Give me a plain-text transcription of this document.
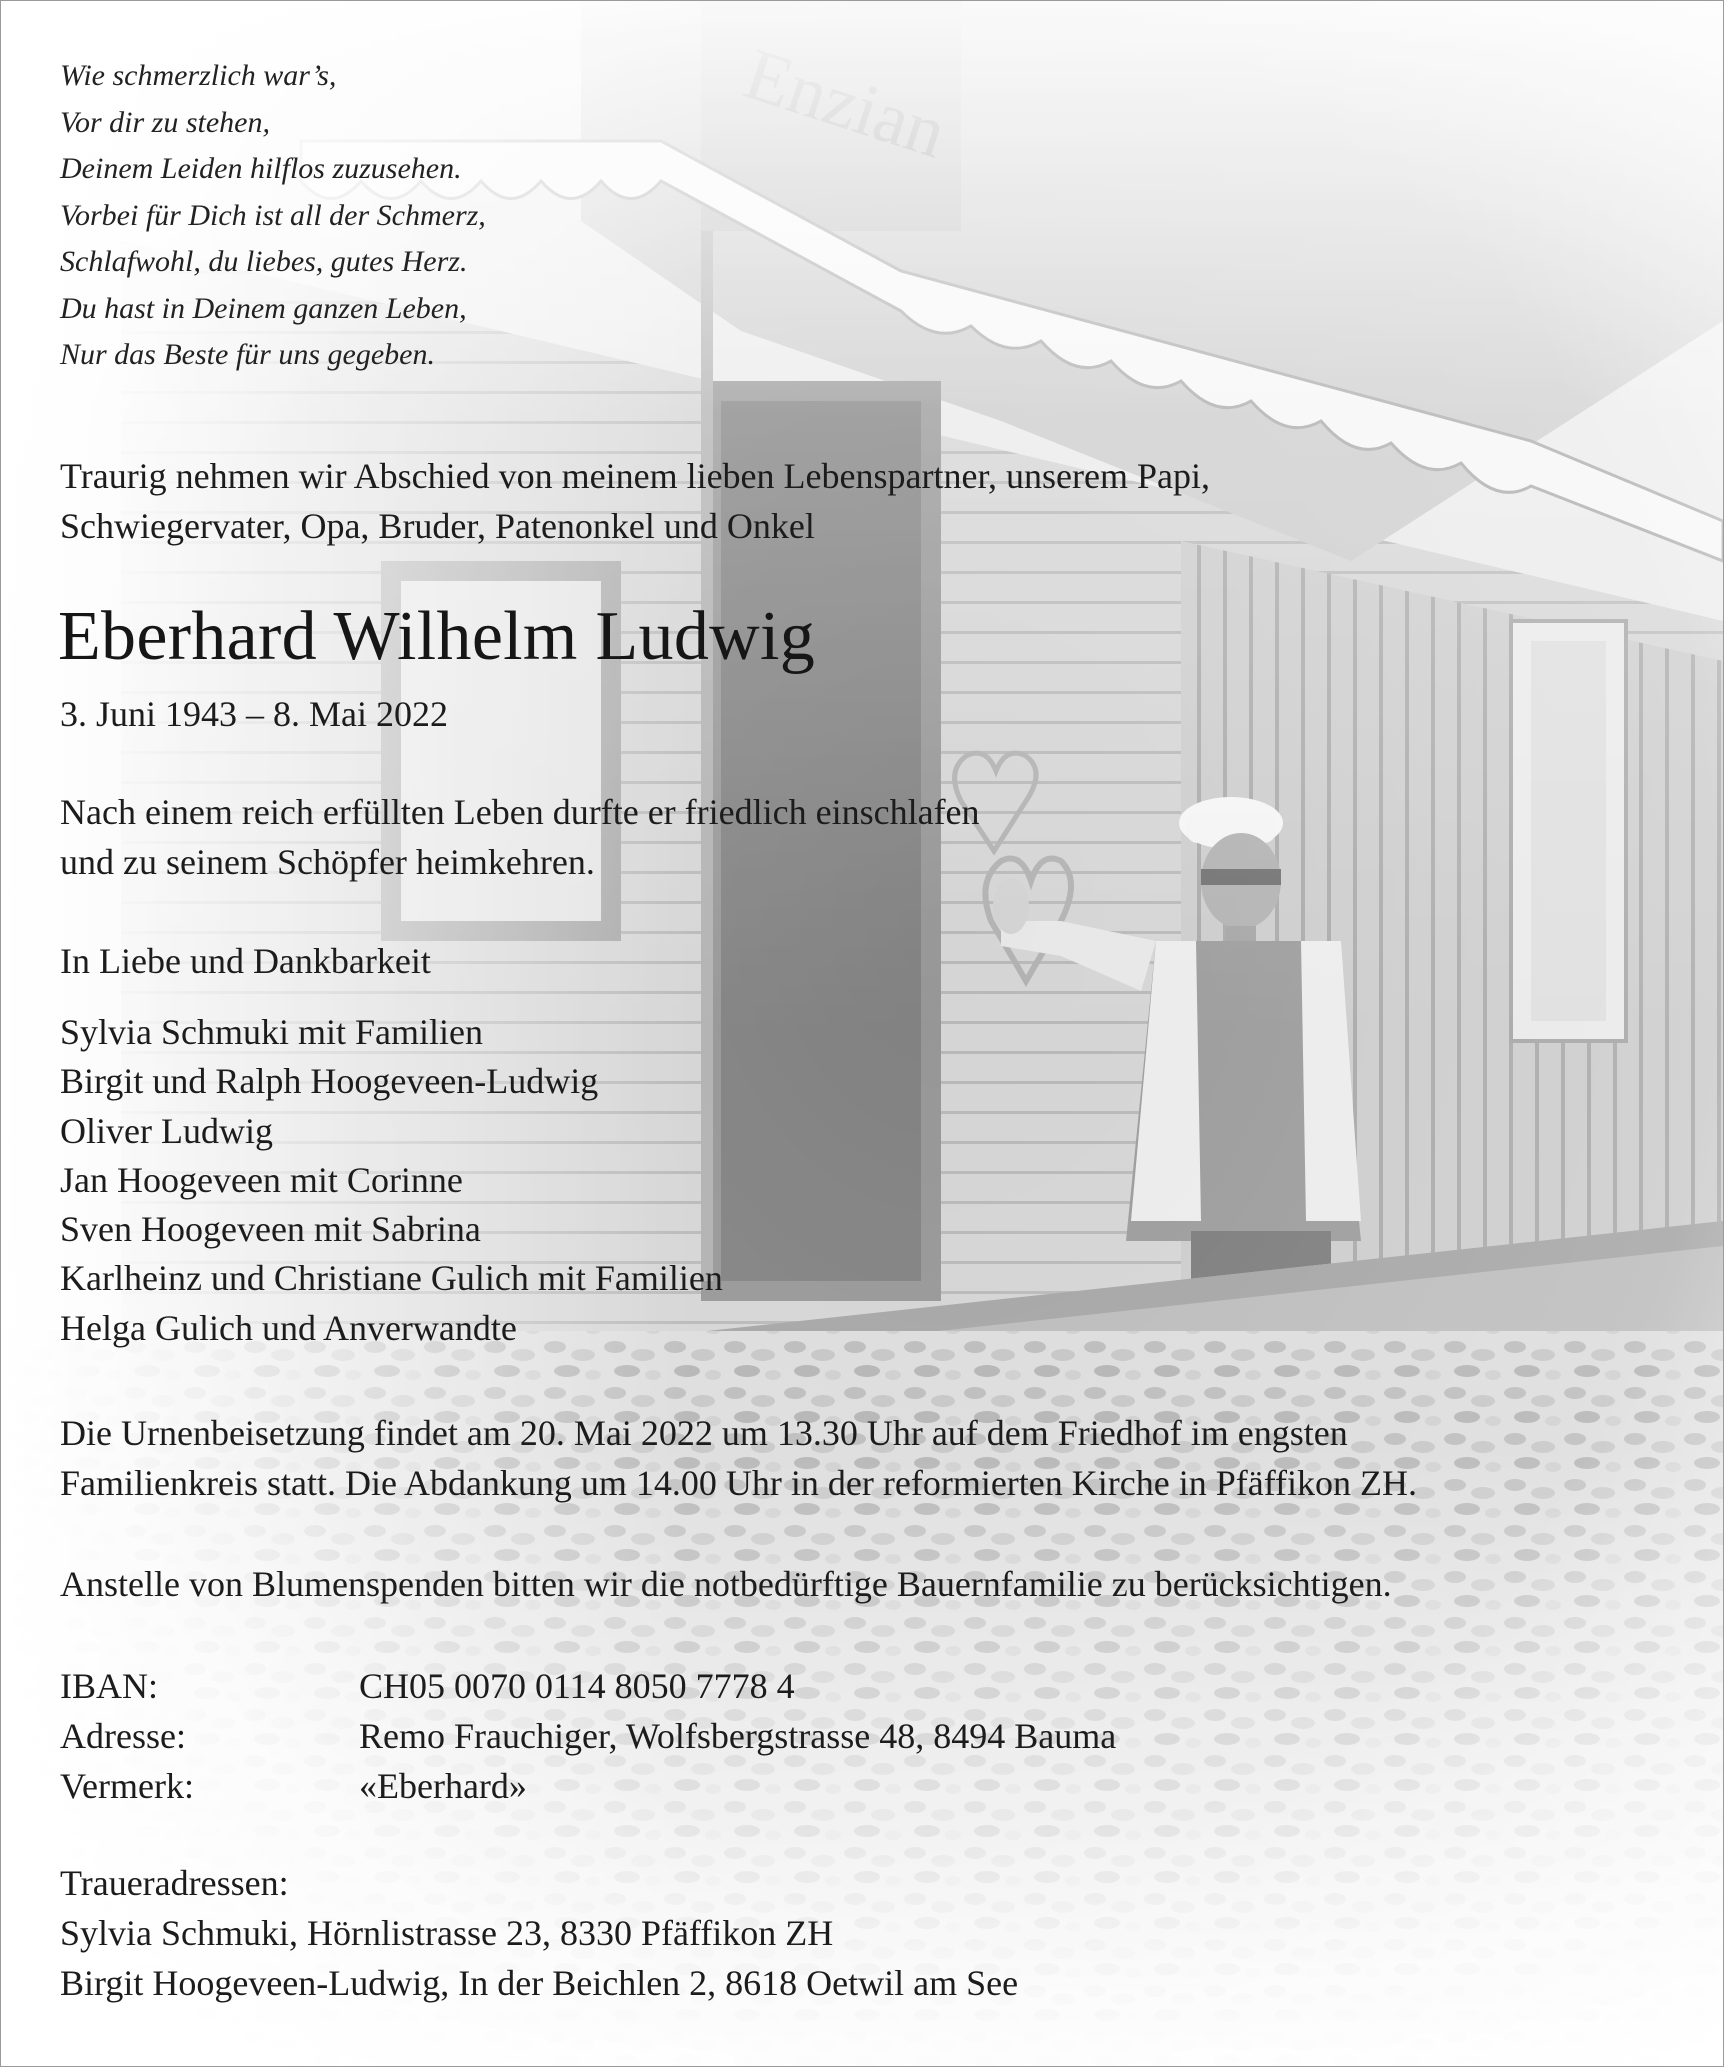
Wie schmerzlich war’s,
Vor dir zu stehen,
Deinem Leiden hilflos zuzusehen.
Vorbei für Dich ist all der Schmerz,
Schlafwohl, du liebes, gutes Herz.
Du hast in Deinem ganzen Leben,
Nur das Beste für uns gegeben.
Traurig nehmen wir Abschied von meinem lieben Lebenspartner, unserem Papi,
Schwiegervater, Opa, Bruder, Patenonkel und Onkel
Eberhard Wilhelm Ludwig
3. Juni 1943 – 8. Mai 2022
Nach einem reich erfüllten Leben durfte er friedlich einschlafen
und zu seinem Schöpfer heimkehren.
In Liebe und Dankbarkeit
Sylvia Schmuki mit Familien
Birgit und Ralph Hoogeveen-Ludwig
Oliver Ludwig
Jan Hoogeveen mit Corinne
Sven Hoogeveen mit Sabrina
Karlheinz und Christiane Gulich mit Familien
Helga Gulich und Anverwandte
Die Urnenbeisetzung findet am 20. Mai 2022 um 13.30 Uhr auf dem Friedhof im engsten
Familienkreis statt. Die Abdankung um 14.00 Uhr in der reformierten Kirche in Pfäffikon ZH.
Anstelle von Blumenspenden bitten wir die notbedürftige Bauernfamilie zu berücksichtigen.
IBAN:	CH05 0070 0114 8050 7778 4
Adresse:	Remo Frauchiger, Wolfsbergstrasse 48, 8494 Bauma
Vermerk:	«Eberhard»
Traueradressen:
Sylvia Schmuki, Hörnlistrasse 23, 8330 Pfäffikon ZH
Birgit Hoogeveen-Ludwig, In der Beichlen 2, 8618 Oetwil am See
